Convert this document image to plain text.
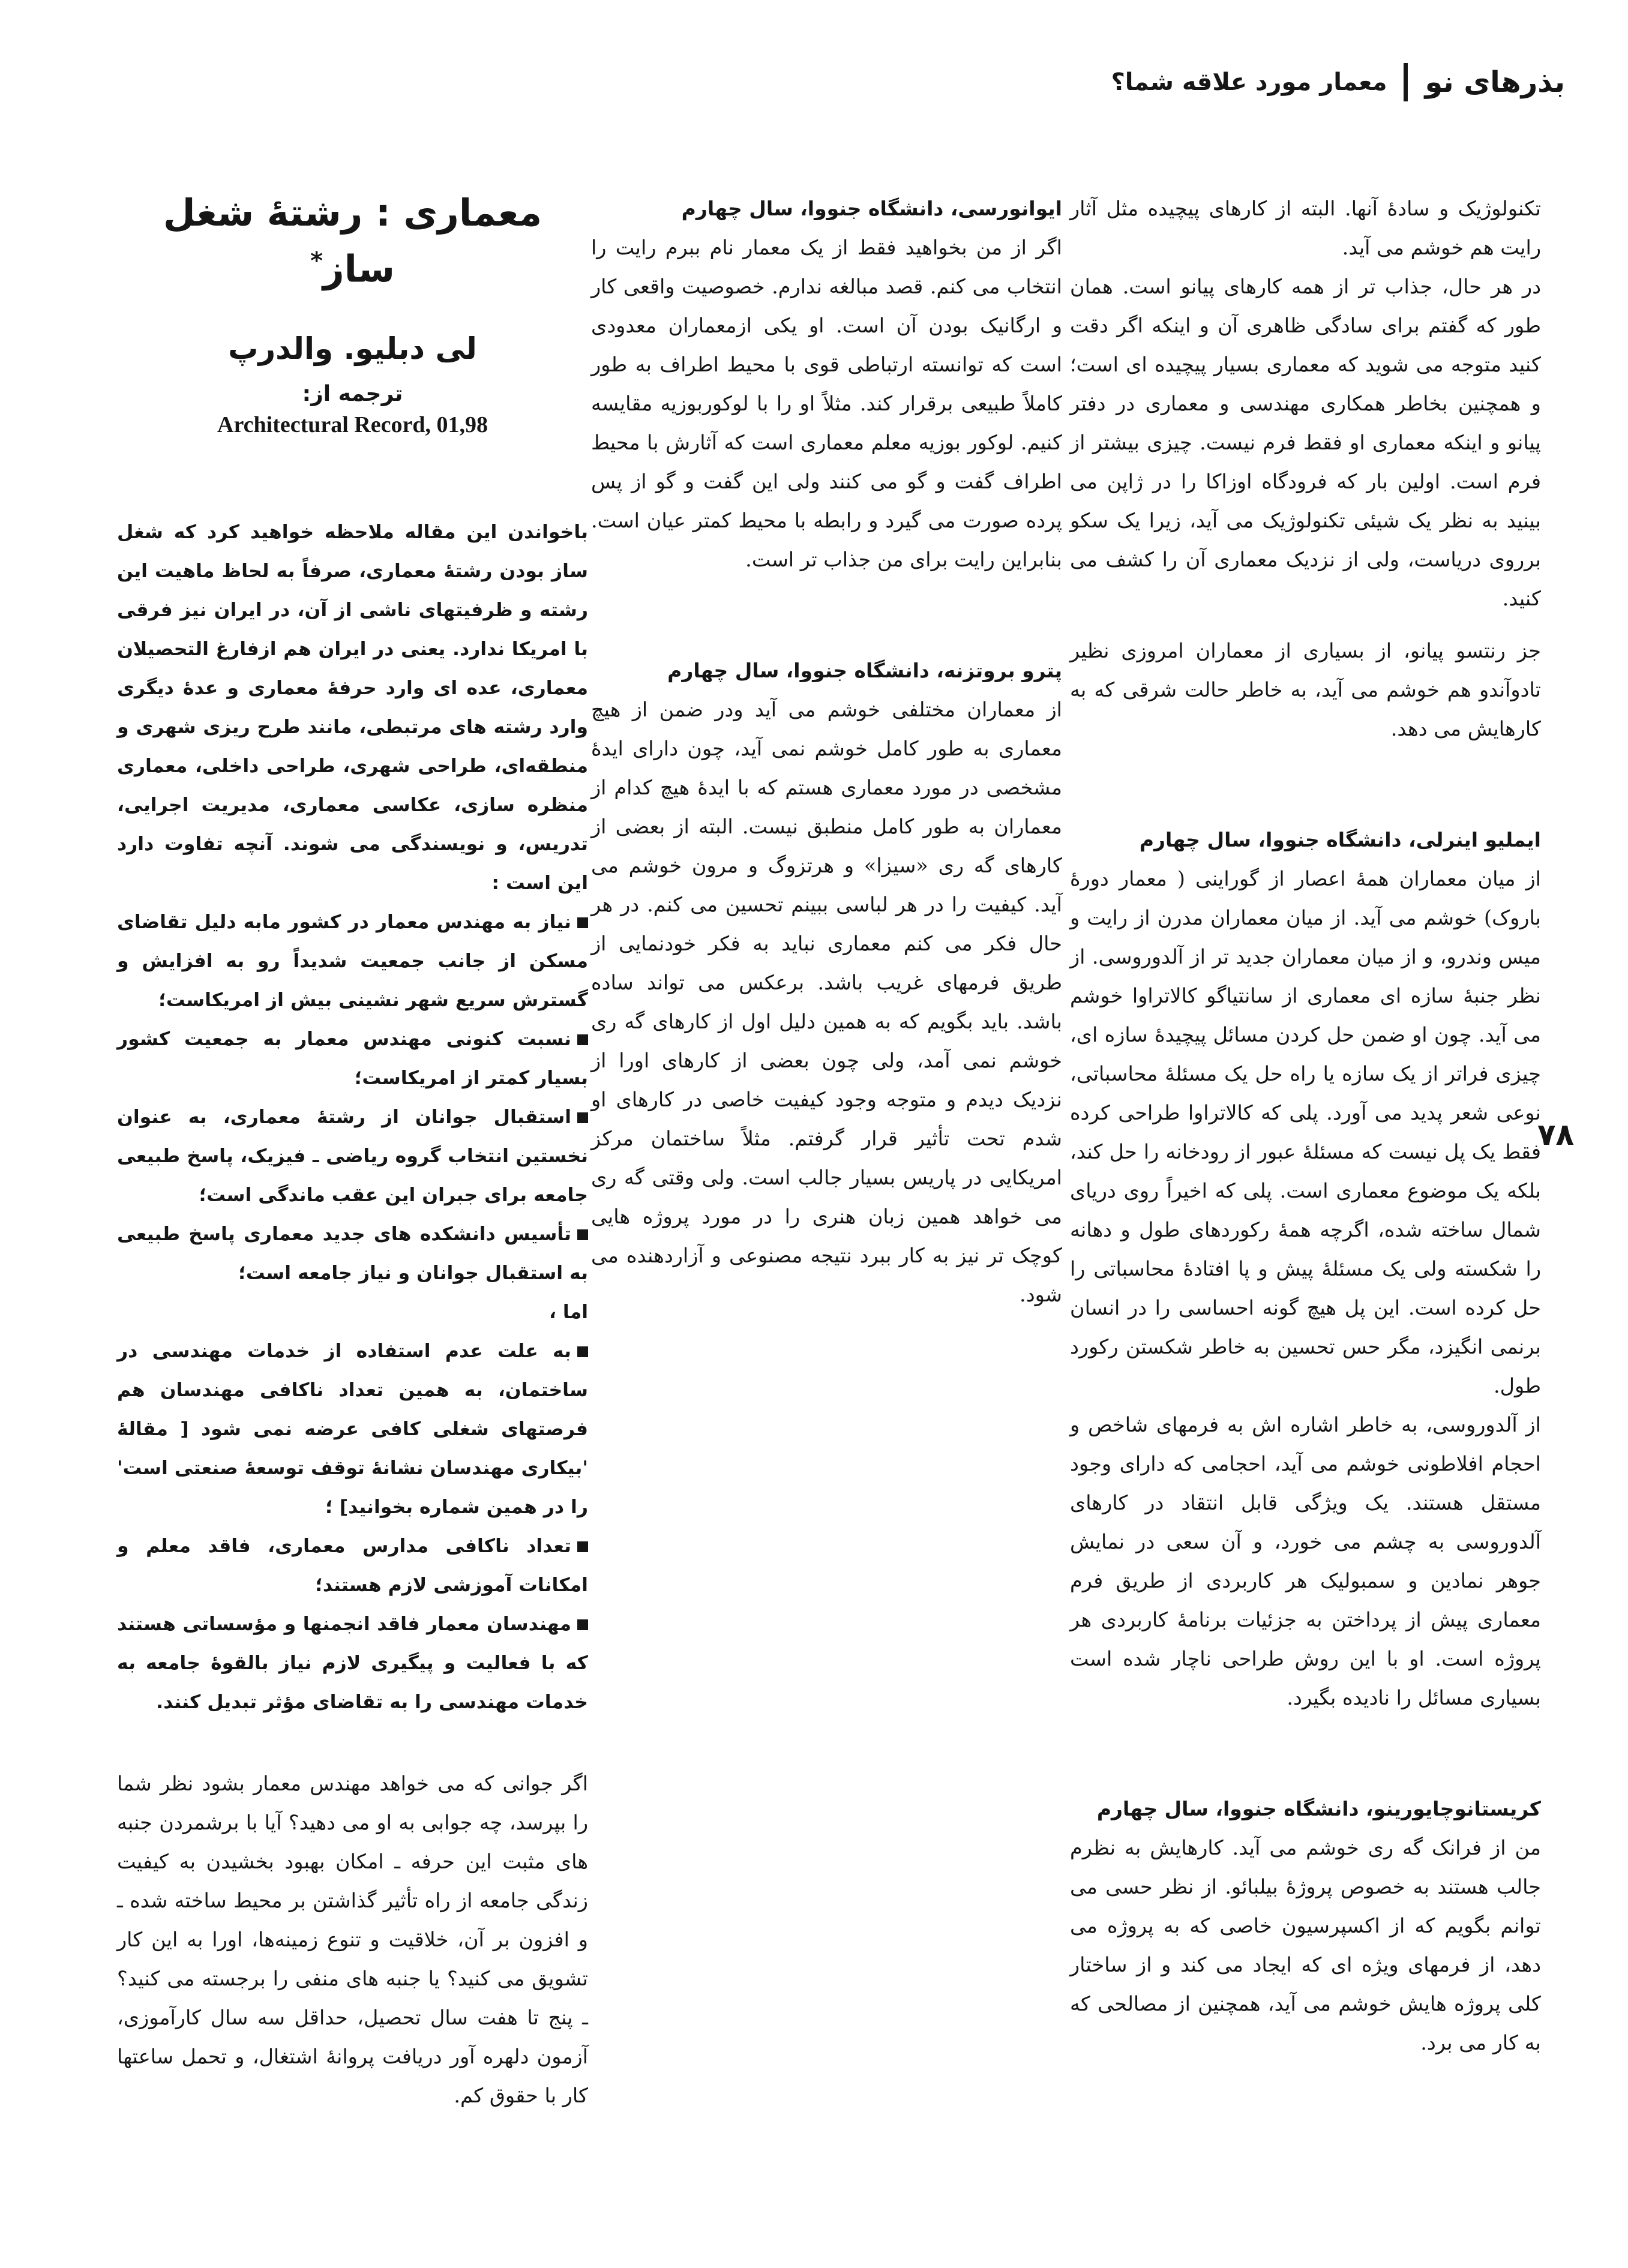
بذرهای نو
معمار مورد علاقه شما؟
۷۸

تکنولوژیک و سادهٔ آنها. البته از کارهای پیچیده مثل آثار رایت هم خوشم می آید.

در هر حال، جذاب تر از همه کارهای پیانو است. همان طور که گفتم برای سادگی ظاهری آن و اینکه اگر دقت کنید متوجه می شوید که معماری بسیار پیچیده ای است؛ و همچنین بخاطر همکاری مهندسی و معماری در دفتر پیانو و اینکه معماری او فقط فرم نیست. چیزی بیشتر از فرم است. اولین بار که فرودگاه اوزاکا را در ژاپن می بینید به نظر یک شیئی تکنولوژیک می آید، زیرا یک سکو برروی دریاست، ولی از نزدیک معماری آن را کشف می کنید.

جز رنتسو پیانو، از بسیاری از معماران امروزی نظیر تادوآندو هم خوشم می آید، به خاطر حالت شرقی که به کارهایش می دهد.

ایملیو اینرلی، دانشگاه جنووا، سال چهارم

از میان معماران همهٔ اعصار از گوراینی ( معمار دورهٔ باروک) خوشم می آید. از میان معماران مدرن از رایت و میس وندرو، و از میان معماران جدید تر از آلدوروسی. از نظر جنبهٔ سازه ای معماری از سانتیاگو کالاتراوا خوشم می آید. چون او ضمن حل کردن مسائل پیچیدهٔ سازه ای، چیزی فراتر از یک سازه یا راه حل یک مسئلهٔ محاسباتی، نوعی شعر پدید می آورد. پلی که کالاتراوا طراحی کرده فقط یک پل نیست که مسئلهٔ عبور از رودخانه را حل کند، بلکه یک موضوع معماری است. پلی که اخیراً روی دریای شمال ساخته شده، اگرچه همهٔ رکوردهای طول و دهانه را شکسته ولی یک مسئلهٔ پیش و پا افتادهٔ محاسباتی را حل کرده است. این پل هیچ گونه احساسی را در انسان برنمی انگیزد، مگر حس تحسین به خاطر شکستن رکورد طول.

از آلدوروسی، به خاطر اشاره اش به فرمهای شاخص و احجام افلاطونی خوشم می آید، احجامی که دارای وجود مستقل هستند. یک ویژگی قابل انتقاد در کارهای آلدوروسی به چشم می خورد، و آن سعی در نمایش جوهر نمادین و سمبولیک هر کاربردی از طریق فرم معماری پیش از پرداختن به جزئیات برنامهٔ کاربردی هر پروژه است. او با این روش طراحی ناچار شده است بسیاری مسائل را نادیده بگیرد.

کریستانوچایورینو، دانشگاه جنووا، سال چهارم

من از فرانک گه ری خوشم می آید. کارهایش به نظرم جالب هستند به خصوص پروژهٔ بیلبائو. از نظر حسی می توانم بگویم که از اکسپرسیون خاصی که به پروژه می دهد، از فرمهای ویژه ای که ایجاد می کند و از ساختار کلی پروژه هایش خوشم می آید، همچنین از مصالحی که به کار می برد.

ایوانورسی، دانشگاه جنووا، سال چهارم

اگر از من بخواهید فقط از یک معمار نام ببرم رایت را انتخاب می کنم. قصد مبالغه ندارم. خصوصیت واقعی کار و ارگانیک بودن آن است. او یکی ازمعماران معدودی است که توانسته ارتباطی قوی با محیط اطراف به طور کاملاً طبیعی برقرار کند. مثلاً او را با لوکوربوزیه مقایسه کنیم. لوکور بوزیه معلم معماری است که آثارش با محیط اطراف گفت و گو می کنند ولی این گفت و گو از پس پرده صورت می گیرد و رابطه با محیط کمتر عیان است. بنابراین رایت برای من جذاب تر است.

پترو بروتزنه، دانشگاه جنووا، سال چهارم

از معماران مختلفی خوشم می آید ودر ضمن از هیچ معماری به طور کامل خوشم نمی آید، چون دارای ایدهٔ مشخصی در مورد معماری هستم که با ایدهٔ هیچ کدام از معماران به طور کامل منطبق نیست. البته از بعضی از کارهای گه ری «سیزا» و هرتزوگ و مرون خوشم می آید. کیفیت را در هر لباسی ببینم تحسین می کنم. در هر حال فکر می کنم معماری نباید به فکر خودنمایی از طریق فرمهای غریب باشد. برعکس می تواند ساده باشد. باید بگویم که به همین دلیل اول از کارهای گه ری خوشم نمی آمد، ولی چون بعضی از کارهای اورا از نزدیک دیدم و متوجه وجود کیفیت خاصی در کارهای او شدم تحت تأثیر قرار گرفتم. مثلاً ساختمان مرکز امریکایی در پاریس بسیار جالب است. ولی وقتی گه ری می خواهد همین زبان هنری را در مورد پروژه هایی کوچک تر نیز به کار ببرد نتیجه مصنوعی و آزاردهنده می شود.

معماری : رشتهٔ شغل ساز*
لی دبلیو. والدرپ
ترجمه از:
Architectural Record, 01,98

باخواندن این مقاله ملاحظه خواهید کرد که شغل ساز بودن رشتهٔ معماری، صرفاً به لحاظ ماهیت این رشته و ظرفیتهای ناشی از آن، در ایران نیز فرقی با امریکا ندارد. یعنی در ایران هم ازفارغ التحصیلان معماری، عده ای وارد حرفهٔ معماری و عدهٔ دیگری وارد رشته های مرتبطی، مانند طرح ریزی شهری و منطقه‌ای، طراحی شهری، طراحی داخلی، معماری منظره سازی، عکاسی معماری، مدیریت اجرایی، تدریس، و نویسندگی می شوند. آنچه تفاوت دارد این است :

نیاز به مهندس معمار در کشور مابه دلیل تقاضای مسکن از جانب جمعیت شدیداً رو به افزایش و گسترش سریع شهر نشینی بیش از امریکاست؛
نسبت کنونی مهندس معمار به جمعیت کشور بسیار کمتر از امریکاست؛
استقبال جوانان از رشتهٔ معماری، به عنوان نخستین انتخاب گروه ریاضی ـ فیزیک، پاسخ طبیعی جامعه برای جبران این عقب ماندگی است؛
تأسیس دانشکده های جدید معماری پاسخ طبیعی به استقبال جوانان و نیاز جامعه است؛

اما ،

به علت عدم استفاده از خدمات مهندسی در ساختمان، به همین تعداد ناکافی مهندسان هم فرصتهای شغلی کافی عرضه نمی شود [ مقالهٔ 'بیکاری مهندسان نشانهٔ توقف توسعهٔ صنعتی است' را در همین شماره بخوانید] ؛
تعداد ناکافی مدارس معماری، فاقد معلم و امکانات آموزشی لازم هستند؛
مهندسان معمار فاقد انجمنها و مؤسساتی هستند که با فعالیت و پیگیری لازم نیاز بالقوهٔ جامعه به خدمات مهندسی را به تقاضای مؤثر تبدیل کنند.

اگر جوانی که می خواهد مهندس معمار بشود نظر شما را بپرسد، چه جوابی به او می دهید؟ آیا با برشمردن جنبه های مثبت این حرفه ـ امکان بهبود بخشیدن به کیفیت زندگی جامعه از راه تأثیر گذاشتن بر محیط ساخته شده ـ و افزون بر آن، خلاقیت و تنوع زمینه‌ها، اورا به این کار تشویق می کنید؟ یا جنبه های منفی را برجسته می کنید؟ ـ پنج تا هفت سال تحصیل، حداقل سه سال کارآموزی، آزمون دلهره آور دریافت پروانهٔ اشتغال، و تحمل ساعتها کار با حقوق کم.
